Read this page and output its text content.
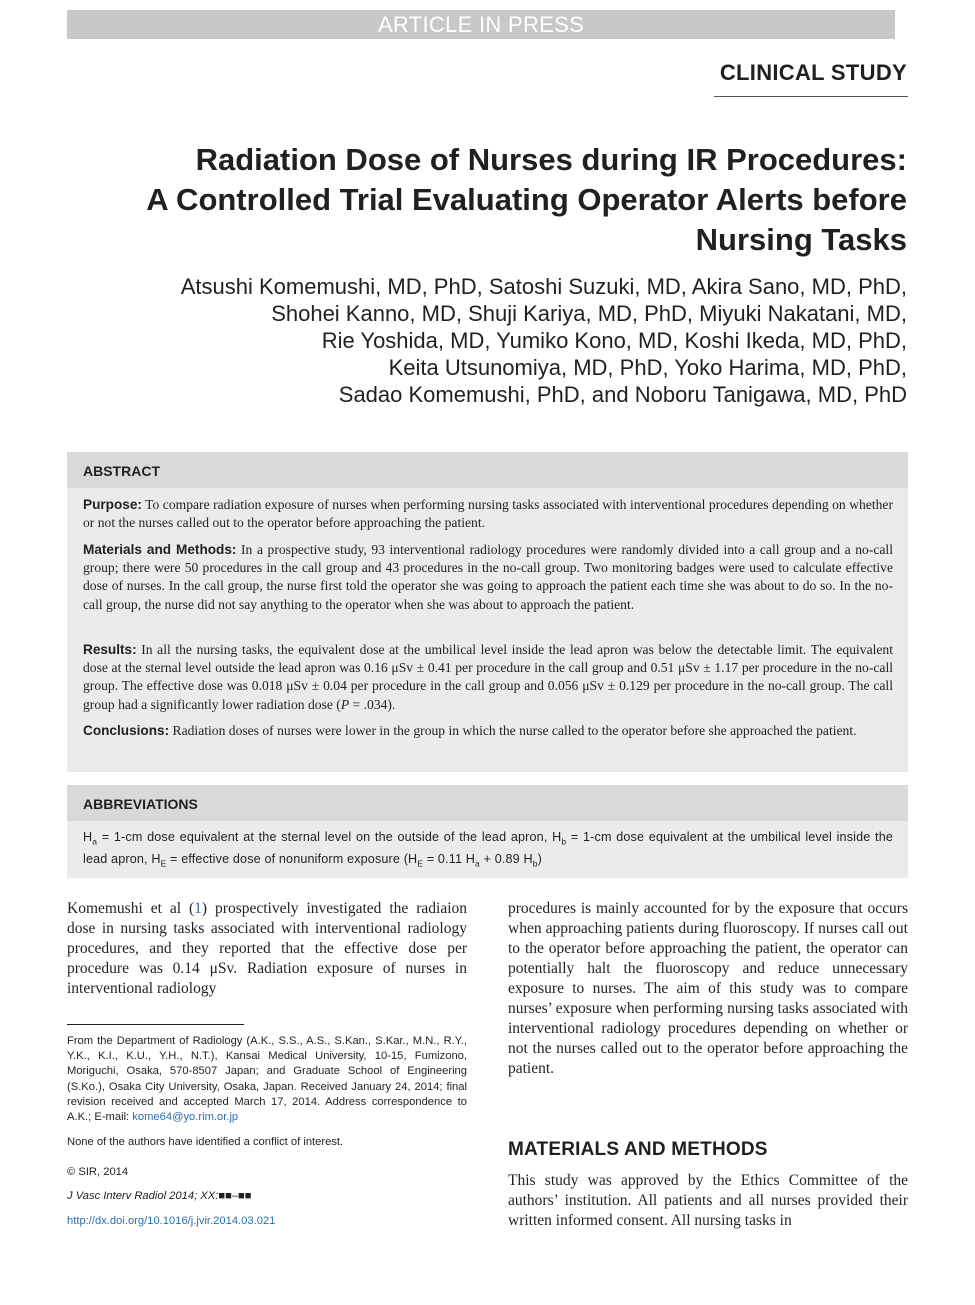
ARTICLE IN PRESS
CLINICAL STUDY
Radiation Dose of Nurses during IR Procedures:
A Controlled Trial Evaluating Operator Alerts before
Nursing Tasks
Atsushi Komemushi, MD, PhD, Satoshi Suzuki, MD, Akira Sano, MD, PhD,
Shohei Kanno, MD, Shuji Kariya, MD, PhD, Miyuki Nakatani, MD,
Rie Yoshida, MD, Yumiko Kono, MD, Koshi Ikeda, MD, PhD,
Keita Utsunomiya, MD, PhD, Yoko Harima, MD, PhD,
Sadao Komemushi, PhD, and Noboru Tanigawa, MD, PhD
ABSTRACT

Purpose: To compare radiation exposure of nurses when performing nursing tasks associated with interventional procedures depending on whether or not the nurses called out to the operator before approaching the patient.

Materials and Methods: In a prospective study, 93 interventional radiology procedures were randomly divided into a call group and a no-call group; there were 50 procedures in the call group and 43 procedures in the no-call group. Two monitoring badges were used to calculate effective dose of nurses. In the call group, the nurse first told the operator she was going to approach the patient each time she was about to do so. In the no-call group, the nurse did not say anything to the operator when she was about to approach the patient.

Results: In all the nursing tasks, the equivalent dose at the umbilical level inside the lead apron was below the detectable limit. The equivalent dose at the sternal level outside the lead apron was 0.16 μSv ± 0.41 per procedure in the call group and 0.51 μSv ± 1.17 per procedure in the no-call group. The effective dose was 0.018 μSv ± 0.04 per procedure in the call group and 0.056 μSv ± 0.129 per procedure in the no-call group. The call group had a significantly lower radiation dose (P = .034).

Conclusions: Radiation doses of nurses were lower in the group in which the nurse called to the operator before she approached the patient.

ABBREVIATIONS

$H_a = 1-cm$ dose equivalent at the sternal level on the outside of the lead apron, $H_b = 1-cm$ dose equivalent at the umbilical level inside the lead apron, $H_E$ = effective dose of nonuniform exposure ($H_E = 0.11$ $H_a + 0.89$ $H_b$)

Komemushi et al (1) prospectively investigated the radiaion dose in nursing tasks associated with interventional radiology procedures, and they reported that the effective dose per procedure was 0.14 μSv. Radiation exposure of nurses in interventional radiology

procedures is mainly accounted for by the exposure that occurs when approaching patients during fluoroscopy. If nurses call out to the operator before approaching the patient, the operator can potentially halt the fluoroscopy and reduce unnecessary exposure to nurses. The aim of this study was to compare nurses’ exposure when performing nursing tasks associated with interventional radiology procedures depending on whether or not the nurses called out to the operator before approaching the patient.

MATERIALS AND METHODS

This study was approved by the Ethics Committee of the authors’ institution. All patients and all nurses provided their written informed consent. All nursing tasks in

From the Department of Radiology (A.K., S.S., A.S., S.Kan., S.Kar., M.N., R.Y., Y.K., K.I., K.U., Y.H., N.T.), Kansai Medical University, 10-15, Fumizono, Moriguchi, Osaka, 570-8507 Japan; and Graduate School of Engineering (S.Ko.), Osaka City University, Osaka, Japan. Received January 24, 2014; final revision received and accepted March 17, 2014. Address correspondence to A.K.; E-mail: kome64@yo.rim.or.jp

None of the authors have identified a conflict of interest.

© SIR, 2014

J Vasc Interv Radiol 2014; XX:■■–■■

http://dx.doi.org/10.1016/j.jvir.2014.03.021
